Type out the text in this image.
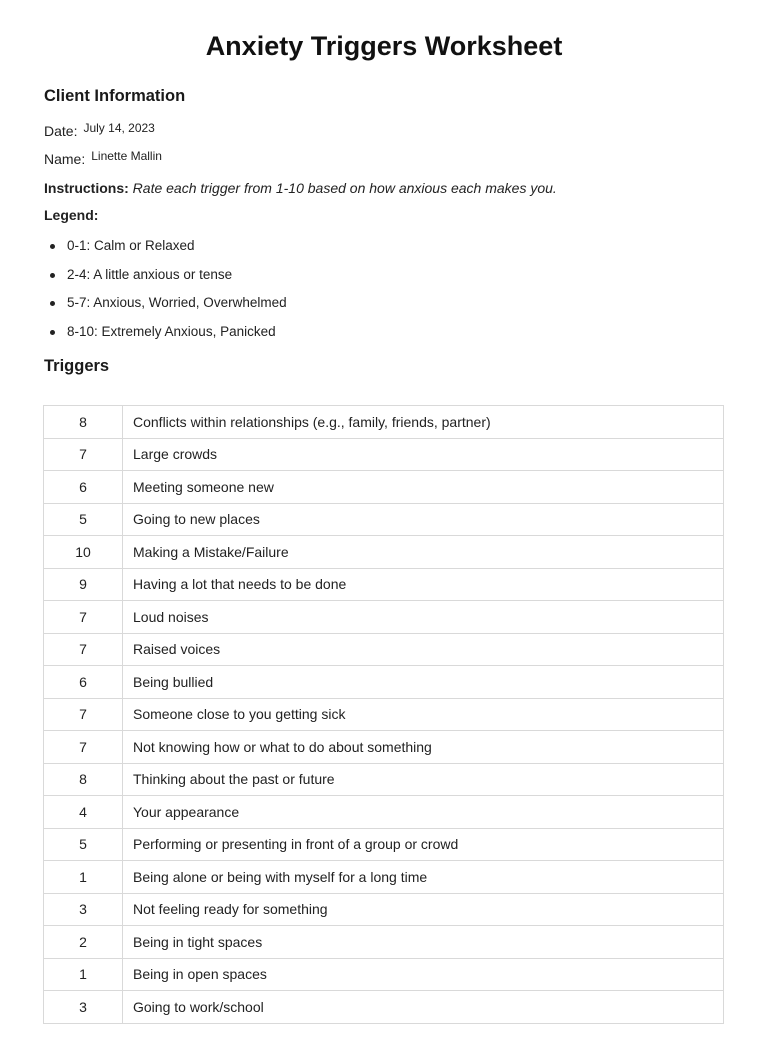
Anxiety Triggers Worksheet
Client Information
Date: July 14, 2023
Name: Linette Mallin
Instructions: Rate each trigger from 1-10 based on how anxious each makes you.
Legend:
0-1: Calm or Relaxed
2-4: A little anxious or tense
5-7: Anxious, Worried, Overwhelmed
8-10: Extremely Anxious, Panicked
Triggers
8	Conflicts within relationships (e.g., family, friends, partner)
7	Large crowds
6	Meeting someone new
5	Going to new places
10	Making a Mistake/Failure
9	Having a lot that needs to be done
7	Loud noises
7	Raised voices
6	Being bullied
7	Someone close to you getting sick
7	Not knowing how or what to do about something
8	Thinking about the past or future
4	Your appearance
5	Performing or presenting in front of a group or crowd
1	Being alone or being with myself for a long time
3	Not feeling ready for something
2	Being in tight spaces
1	Being in open spaces
3	Going to work/school
